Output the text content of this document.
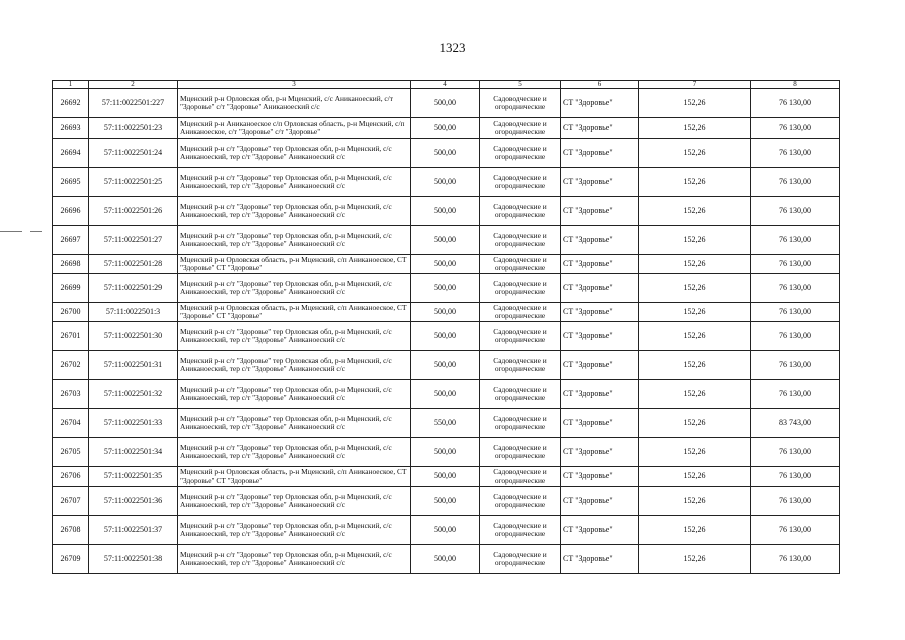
1323
1	2	3	4	5	6	7	8
26692	57:11:0022501:227	Мценский р-н Орловская обл, р-н Мценский, с/с Аниканоеский, с/т "Здоровье" с/т "Здоровье" Аниканоеский с/с	500,00	Садоводческие и огороднические	СТ "Здоровье"	152,26	76 130,00
26693	57:11:0022501:23	Мценский р-н Аниканоеское с/п Орловская область, р-н Мценский, с/п Аниканоеское, с/т "Здоровье" с/т "Здоровье"	500,00	Садоводческие и огороднические	СТ "Здоровье"	152,26	76 130,00
26694	57:11:0022501:24	Мценский р-н с/т "Здоровье" тер Орловская обл, р-н Мценский, с/с Аниканоеский, тер с/т "Здоровье" Аниканоеский с/с	500,00	Садоводческие и огороднические	СТ "Здоровье"	152,26	76 130,00
26695	57:11:0022501:25	Мценский р-н с/т "Здоровье" тер Орловская обл, р-н Мценский, с/с Аниканоеский, тер с/т "Здоровье" Аниканоеский с/с	500,00	Садоводческие и огороднические	СТ "Здоровье"	152,26	76 130,00
26696	57:11:0022501:26	Мценский р-н с/т "Здоровье" тер Орловская обл, р-н Мценский, с/с Аниканоеский, тер с/т "Здоровье" Аниканоеский с/с	500,00	Садоводческие и огороднические	СТ "Здоровье"	152,26	76 130,00
26697	57:11:0022501:27	Мценский р-н с/т "Здоровье" тер Орловская обл, р-н Мценский, с/с Аниканоеский, тер с/т "Здоровье" Аниканоеский с/с	500,00	Садоводческие и огороднические	СТ "Здоровье"	152,26	76 130,00
26698	57:11:0022501:28	Мценский р-н Орловская область, р-н Мценский, с/п Аниканоеское, СТ "Здоровье" СТ "Здоровье"	500,00	Садоводческие и огороднические	СТ "Здоровье"	152,26	76 130,00
26699	57:11:0022501:29	Мценский р-н с/т "Здоровье" тер Орловская обл, р-н Мценский, с/с Аниканоеский, тер с/т "Здоровье" Аниканоеский с/с	500,00	Садоводческие и огороднические	СТ "Здоровье"	152,26	76 130,00
26700	57:11:0022501:3	Мценский р-н Орловская область, р-н Мценский, с/п Аниканоеское, СТ "Здоровье" СТ "Здоровье"	500,00	Садоводческие и огороднические	СТ "Здоровье"	152,26	76 130,00
26701	57:11:0022501:30	Мценский р-н с/т "Здоровье" тер Орловская обл, р-н Мценский, с/с Аниканоеский, тер с/т "Здоровье" Аниканоеский с/с	500,00	Садоводческие и огороднические	СТ "Здоровье"	152,26	76 130,00
26702	57:11:0022501:31	Мценский р-н с/т "Здоровье" тер Орловская обл, р-н Мценский, с/с Аниканоеский, тер с/т "Здоровье" Аниканоеский с/с	500,00	Садоводческие и огороднические	СТ "Здоровье"	152,26	76 130,00
26703	57:11:0022501:32	Мценский р-н с/т "Здоровье" тер Орловская обл, р-н Мценский, с/с Аниканоеский, тер с/т "Здоровье" Аниканоеский с/с	500,00	Садоводческие и огороднические	СТ "Здоровье"	152,26	76 130,00
26704	57:11:0022501:33	Мценский р-н с/т "Здоровье" тер Орловская обл, р-н Мценский, с/с Аниканоеский, тер с/т "Здоровье" Аниканоеский с/с	550,00	Садоводческие и огороднические	СТ "Здоровье"	152,26	83 743,00
26705	57:11:0022501:34	Мценский р-н с/т "Здоровье" тер Орловская обл, р-н Мценский, с/с Аниканоеский, тер с/т "Здоровье" Аниканоеский с/с	500,00	Садоводческие и огороднические	СТ "Здоровье"	152,26	76 130,00
26706	57:11:0022501:35	Мценский р-н Орловская область, р-н Мценский, с/п Аниканоеское, СТ "Здоровье" СТ "Здоровье"	500,00	Садоводческие и огороднические	СТ "Здоровье"	152,26	76 130,00
26707	57:11:0022501:36	Мценский р-н с/т "Здоровье" тер Орловская обл, р-н Мценский, с/с Аниканоеский, тер с/т "Здоровье" Аниканоеский с/с	500,00	Садоводческие и огороднические	СТ "Здоровье"	152,26	76 130,00
26708	57:11:0022501:37	Мценский р-н с/т "Здоровье" тер Орловская обл, р-н Мценский, с/с Аниканоеский, тер с/т "Здоровье" Аниканоеский с/с	500,00	Садоводческие и огороднические	СТ "Здоровье"	152,26	76 130,00
26709	57:11:0022501:38	Мценский р-н с/т "Здоровье" тер Орловская обл, р-н Мценский, с/с Аниканоеский, тер с/т "Здоровье" Аниканоеский с/с	500,00	Садоводческие и огороднические	СТ "Здоровье"	152,26	76 130,00
